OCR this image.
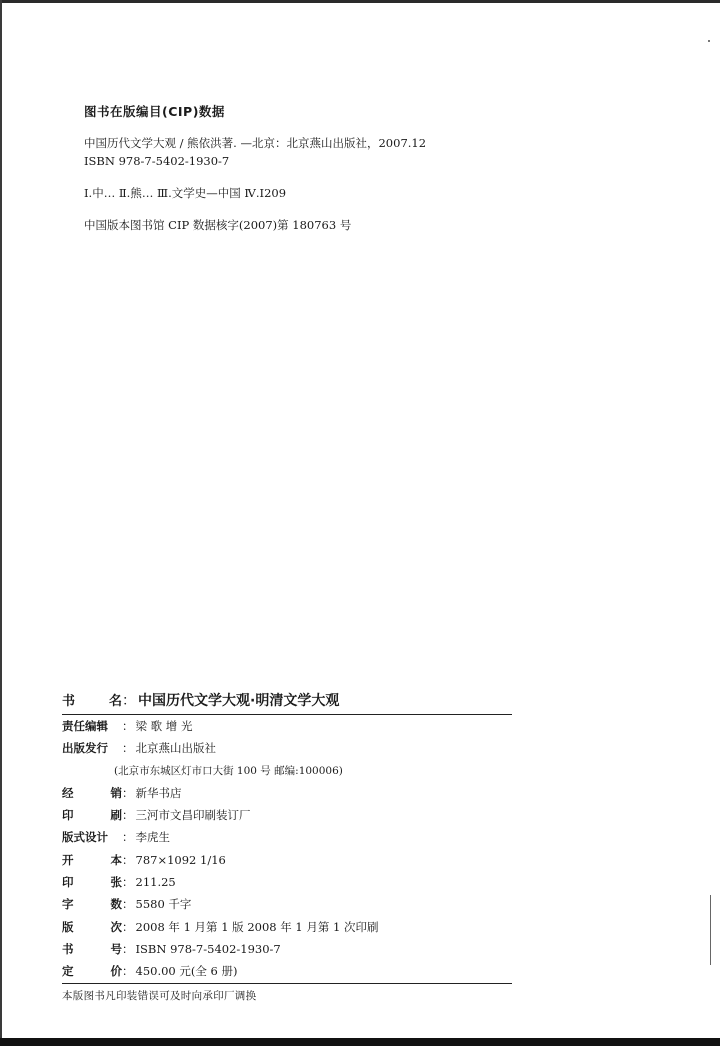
图书在版编目(CIP)数据

中国历代文学大观 / 熊依洪著. —北京：北京燕山出版社，2007.12

ISBN 978-7-5402-1930-7

Ⅰ.中… Ⅱ.熊… Ⅲ.文学史—中国 Ⅳ.I209

中国版本图书馆 CIP 数据核字(2007)第 180763 号

书	名 ： 中国历代文学大观·明清文学大观
责任编辑 ： 梁 歌 增 光
出版发行 ： 北京燕山出版社
(北京市东城区灯市口大街 100 号 邮编:100006)
经	销 ： 新华书店
印	刷 ： 三河市文昌印刷装订厂
版式设计 ： 李虎生
开	本 ： 787×1092 1/16
印	张 ： 211.25
字	数 ： 5580 千字
版	次 ： 2008 年 1 月第 1 版 2008 年 1 月第 1 次印刷
书	号 ： ISBN 978-7-5402-1930-7
定	价 ： 450.00 元(全 6 册)
本版图书凡印装错误可及时向承印厂调换
